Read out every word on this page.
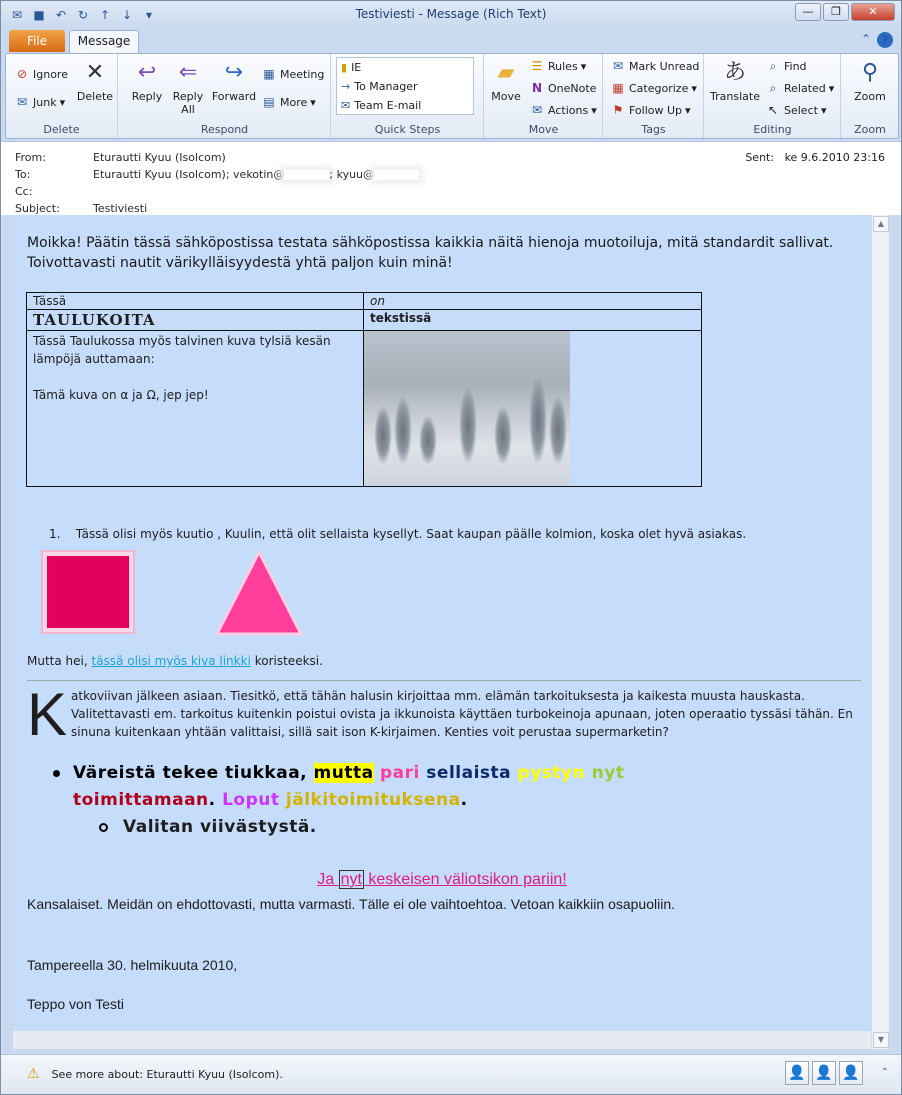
✉ ■ ↶ ↻ ↑ ↓	▾	Testiviesti - Message (Rich Text)	—	❐	✕
File	Message	⌃ ?
⊘ Ignore
✉ Junk ▾
✕
Delete
Delete
↩
Reply
⇐
Reply All
↪
Forward
▦ Meeting
▤ More ▾
Respond
▮ IE
→ To Manager
✉ Team E-mail
Quick Steps
▰
Move
☰ Rules ▾
N OneNote
✉ Actions ▾
Move
✉ Mark Unread
▦ Categorize ▾
⚑ Follow Up ▾
Tags
あ
Translate
⌕ Find
⌕ Related ▾
↖ Select ▾
Editing
⚲
Zoom
Zoom
From:	Eturautti Kyuu (Isolcom)
To:	Eturautti Kyuu (Isolcom); vekotin@	; kyuu@
Cc:
Subject:	Testiviesti
Sent: ke 9.6.2010 23:16
Moikka! Päätin tässä sähköpostissa testata sähköpostissa kaikkia näitä hienoja muotoiluja, mitä standardit sallivat. Toivottavasti nautit värikylläisyydestä yhtä paljon kuin minä!
Tässä	on
TAULUKOITA	tekstissä

Tässä Taulukossa myös talvinen kuva tylsiä kesän lämpöjä auttamaan:
Tämä kuva on α ja Ω, jep jep!	

1. Tässä olisi myös kuutio , Kuulin, että olit sellaista kysellyt. Saat kaupan päälle kolmion, koska olet hyvä asiakas.
Mutta hei, tässä olisi myös kiva linkki koristeeksi.
Katkoviivan jälkeen asiaan. Tiesitkö, että tähän halusin kirjoittaa mm. elämän tarkoituksesta ja kaikesta muusta hauskasta. Valitettavasti em. tarkoitus kuitenkin poistui ovista ja ikkunoista käyttäen turbokeinoja apunaan, joten operaatio tyssäsi tähän. En sinuna kuitenkaan yhtään valittaisi, sillä sait ison K-kirjaimen. Kenties voit perustaa supermarketin?
Väreistä tekee tiukkaa, mutta pari sellaista pystyn nyt
toimittamaan. Loput jälkitoimituksena.
Valitan viivästystä.
Ja nyt keskeisen väliotsikon pariin!
Kansalaiset. Meidän on ehdottovasti, mutta varmasti. Tälle ei ole vaihtoehtoa. Vetoan kaikkiin osapuoliin.
Tampereella 30. helmikuuta 2010,
Teppo von Testi
▲
▼
⚠ See more about: Eturautti Kyuu (Isolcom).	👤 👤 👤	⌃
